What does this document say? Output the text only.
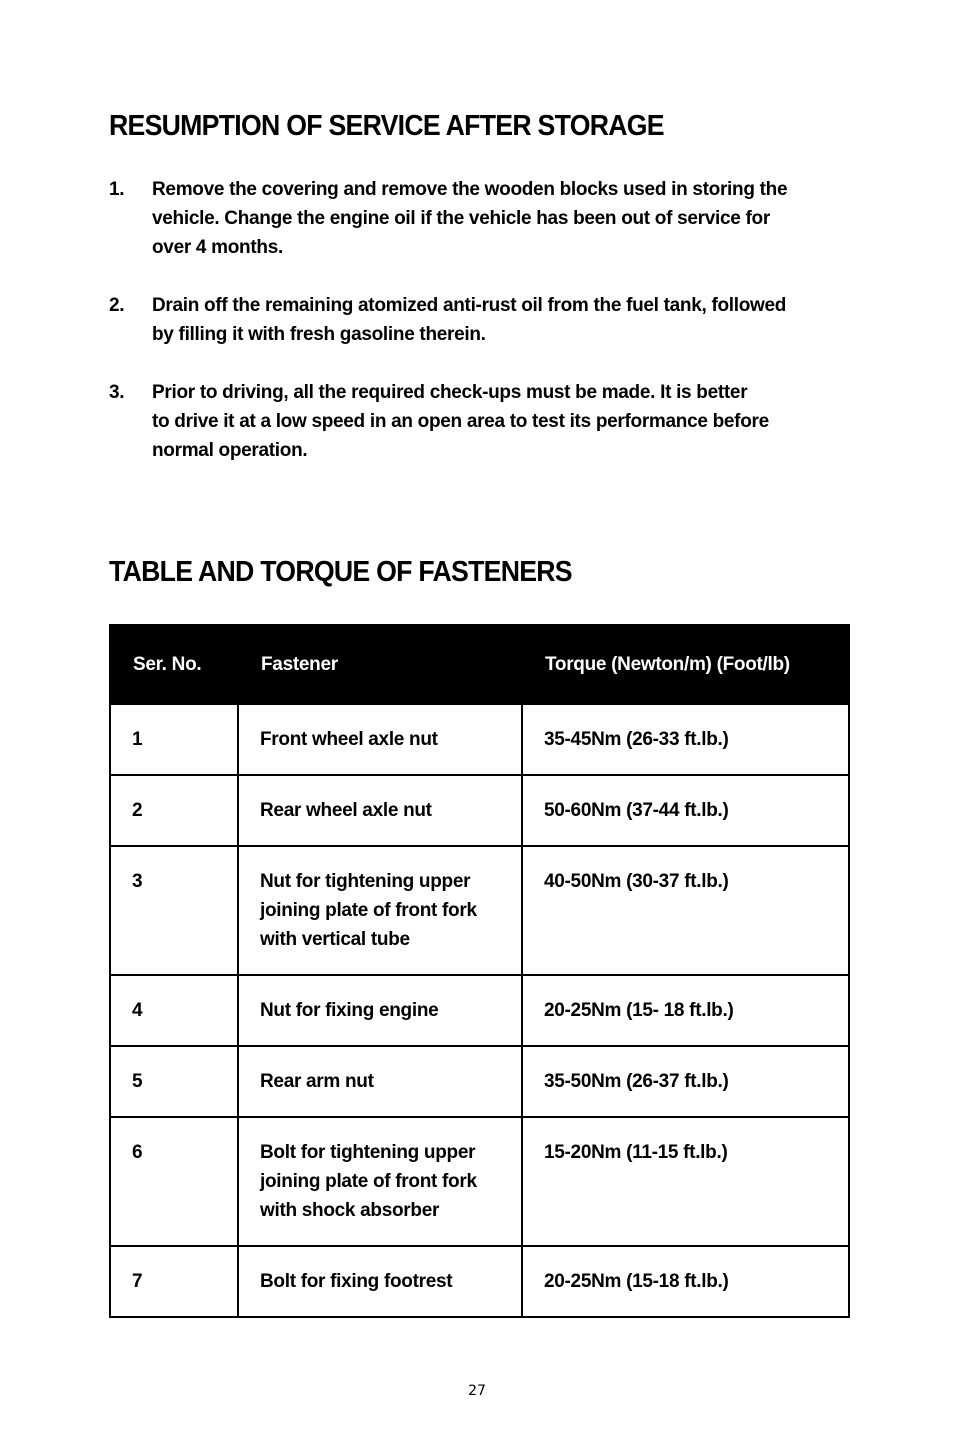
RESUMPTION OF SERVICE AFTER STORAGE
1. Remove the covering and remove the wooden blocks used in storing the
vehicle. Change the engine oil if the vehicle has been out of service for
over 4 months.
2. Drain off the remaining atomized anti-rust oil from the fuel tank, followed
by filling it with fresh gasoline therein.
3. Prior to driving, all the required check-ups must be made. It is better
to drive it at a low speed in an open area to test its performance before
normal operation.
TABLE AND TORQUE OF FASTENERS
Ser. No.	Fastener	Torque (Newton/m) (Foot/lb)
1	Front wheel axle nut	35-45Nm (26-33 ft.lb.)
2	Rear wheel axle nut	50-60Nm (37-44 ft.lb.)
3	Nut for tightening upper joining plate of front fork with vertical tube	40-50Nm (30-37 ft.lb.)
4	Nut for fixing engine	20-25Nm (15- 18 ft.lb.)
5	Rear arm nut	35-50Nm (26-37 ft.lb.)
6	Bolt for tightening upper joining plate of front fork with shock absorber	15-20Nm (11-15 ft.lb.)
7	Bolt for fixing footrest	20-25Nm (15-18 ft.lb.)
27
